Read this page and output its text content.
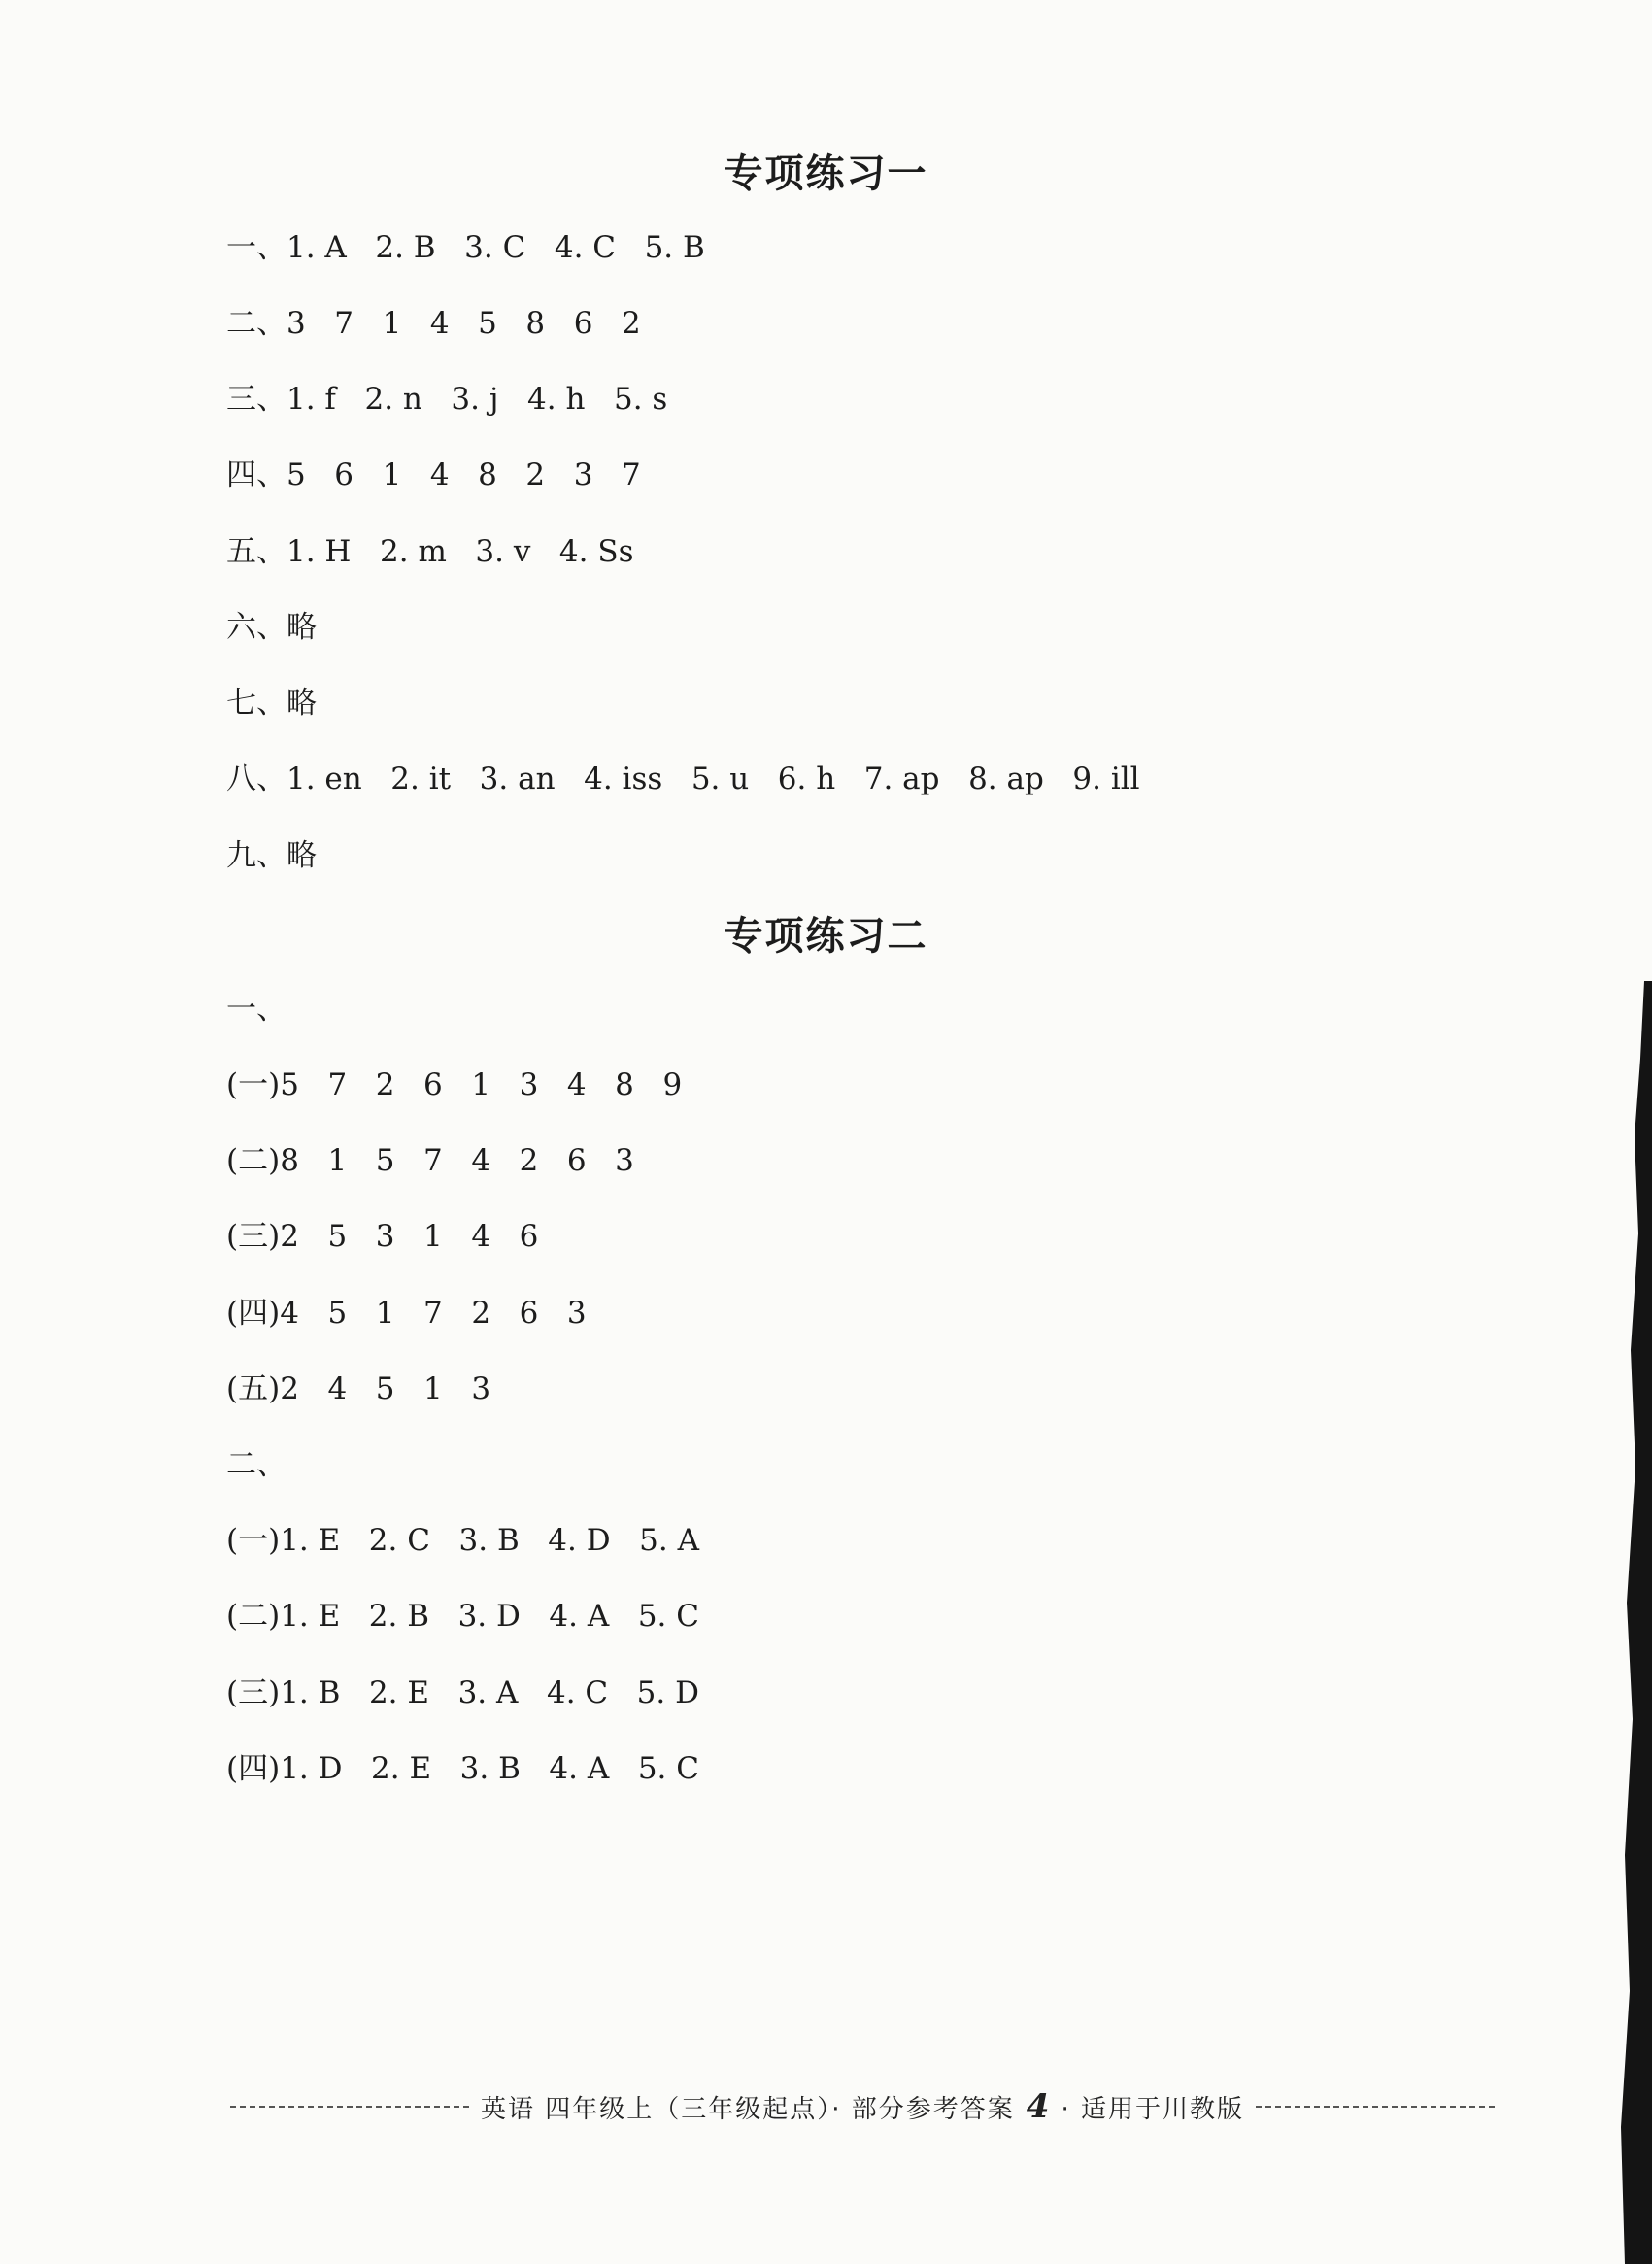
专项练习一
一、1. A   2. B   3. C   4. C   5. B
二、3   7   1   4   5   8   6   2
三、1. f   2. n   3. j   4. h   5. s
四、5   6   1   4   8   2   3   7
五、1. H   2. m   3. v   4. Ss
六、略
七、略
八、1. en   2. it   3. an   4. iss   5. u   6. h   7. ap   8. ap   9. ill
九、略
专项练习二
一、
(一)5   7   2   6   1   3   4   8   9
(二)8   1   5   7   4   2   6   3
(三)2   5   3   1   4   6
(四)4   5   1   7   2   6   3
(五)2   4   5   1   3
二、
(一)1. E   2. C   3. B   4. D   5. A
(二)1. E   2. B   3. D   4. A   5. C
(三)1. B   2. E   3. A   4. C   5. D
(四)1. D   2. E   3. B   4. A   5. C
英语 四年级上（三年级起点）· 部分参考答案 4 · 适用于川教版
